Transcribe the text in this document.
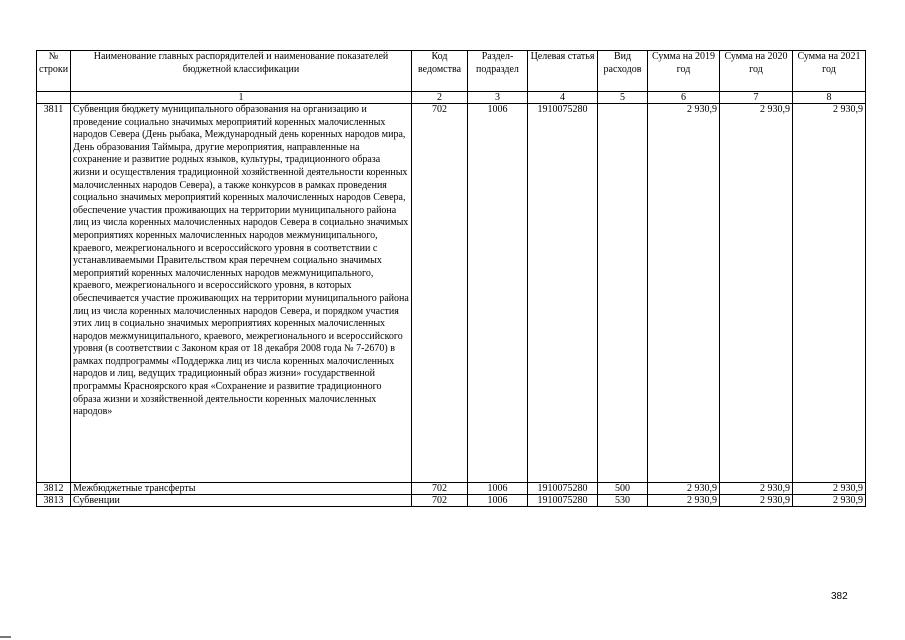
№
строки	Наименование главных распорядителей и наименование показателей бюджетной классификации	Код ведомства	Раздел-подраздел	Целевая статья	Вид расходов	Сумма на 2019 год	Сумма на 2020 год	Сумма на 2021 год
	1	2	3	4	5	6	7	8
3811	Субвенция бюджету муниципального образования на организацию и проведение социально значимых мероприятий коренных малочисленных народов Севера (День рыбака, Международный день коренных народов мира, День образования Таймыра, другие мероприятия, направленные на сохранение и развитие родных языков, культуры, традиционного образа жизни и осуществления традиционной хозяйственной деятельности коренных малочисленных народов Севера), а также конкурсов в рамках проведения социально значимых мероприятий коренных малочисленных народов Севера, обеспечение участия проживающих на территории муниципального района лиц из числа коренных малочисленных народов Севера в социально значимых мероприятиях коренных малочисленных народов межмуниципального, краевого, межрегионального и всероссийского уровня в соответствии с устанавливаемыми Правительством края перечнем социально значимых мероприятий коренных малочисленных народов межмуниципального, краевого, межрегионального и всероссийского уровня, в которых обеспечивается участие проживающих на территории муниципального района лиц из числа коренных малочисленных народов Севера, и порядком участия этих лиц в социально значимых мероприятиях коренных малочисленных народов межмуниципального, краевого, межрегионального и всероссийского уровня (в соответствии с Законом края от 18 декабря 2008 года № 7-2670) в рамках подпрограммы «Поддержка лиц из числа коренных малочисленных народов и лиц, ведущих традиционный образ жизни» государственной программы Красноярского края «Сохранение и развитие традиционного образа жизни и хозяйственной деятельности коренных малочисленных народов»	702	1006	1910075280		2 930,9	2 930,9	2 930,9
3812	Межбюджетные трансферты	702	1006	1910075280	500	2 930,9	2 930,9	2 930,9
3813	Субвенции	702	1006	1910075280	530	2 930,9	2 930,9	2 930,9
382
